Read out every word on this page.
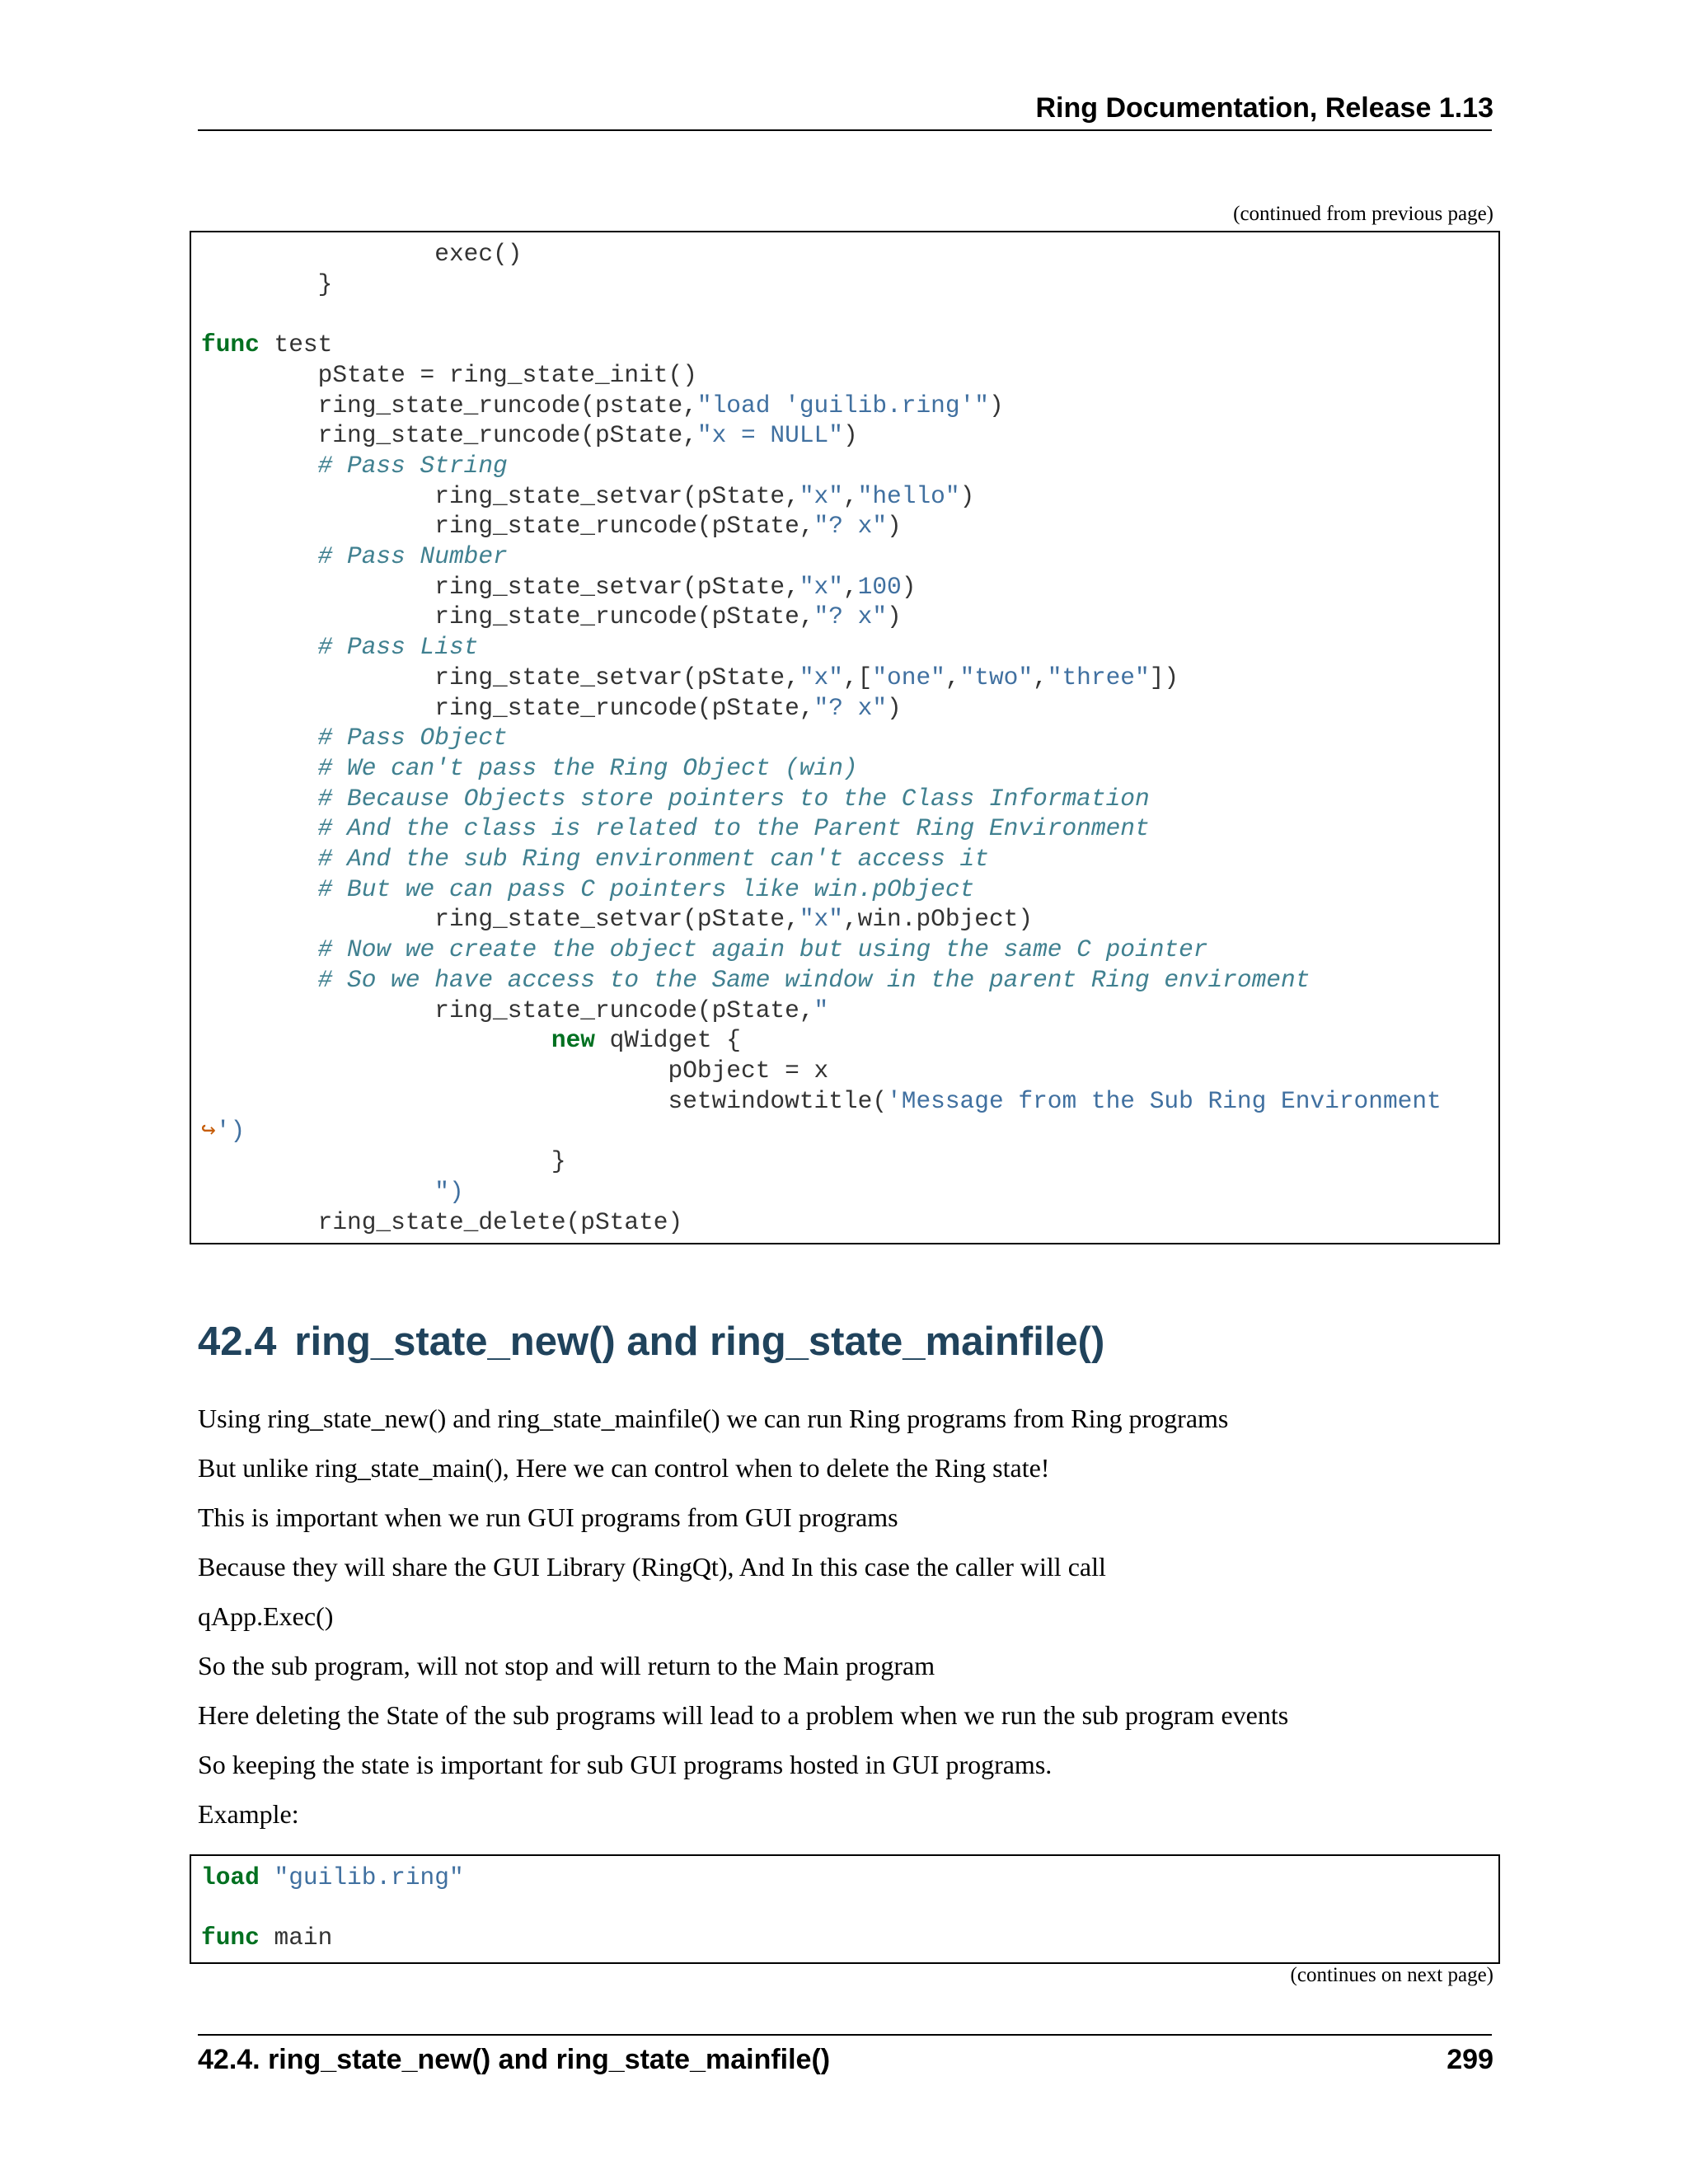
Ring Documentation, Release 1.13
(continued from previous page)
exec()
}

func test
pState = ring_state_init()
ring_state_runcode(pstate,"load 'guilib.ring'")
ring_state_runcode(pState,"x = NULL")
# Pass String
ring_state_setvar(pState,"x","hello")
ring_state_runcode(pState,"? x")
# Pass Number
ring_state_setvar(pState,"x",100)
ring_state_runcode(pState,"? x")
# Pass List
ring_state_setvar(pState,"x",["one","two","three"])
ring_state_runcode(pState,"? x")
# Pass Object
# We can't pass the Ring Object (win)
# Because Objects store pointers to the Class Information
# And the class is related to the Parent Ring Environment
# And the sub Ring environment can't access it
# But we can pass C pointers like win.pObject
ring_state_setvar(pState,"x",win.pObject)
# Now we create the object again but using the same C pointer
# So we have access to the Same window in the parent Ring enviroment
ring_state_runcode(pState,"
new qWidget {
pObject = x
setwindowtitle('Message from the Sub Ring Environment
↪')
}
")
ring_state_delete(pState)
42.4 ring_state_new() and ring_state_mainfile()

Using ring_state_new() and ring_state_mainfile() we can run Ring programs from Ring programs

But unlike ring_state_main(), Here we can control when to delete the Ring state!

This is important when we run GUI programs from GUI programs

Because they will share the GUI Library (RingQt), And In this case the caller will call

qApp.Exec()

So the sub program, will not stop and will return to the Main program

Here deleting the State of the sub programs will lead to a problem when we run the sub program events

So keeping the state is important for sub GUI programs hosted in GUI programs.

Example:

load "guilib.ring"

func main
(continues on next page)
42.4. ring_state_new() and ring_state_mainfile()	299
